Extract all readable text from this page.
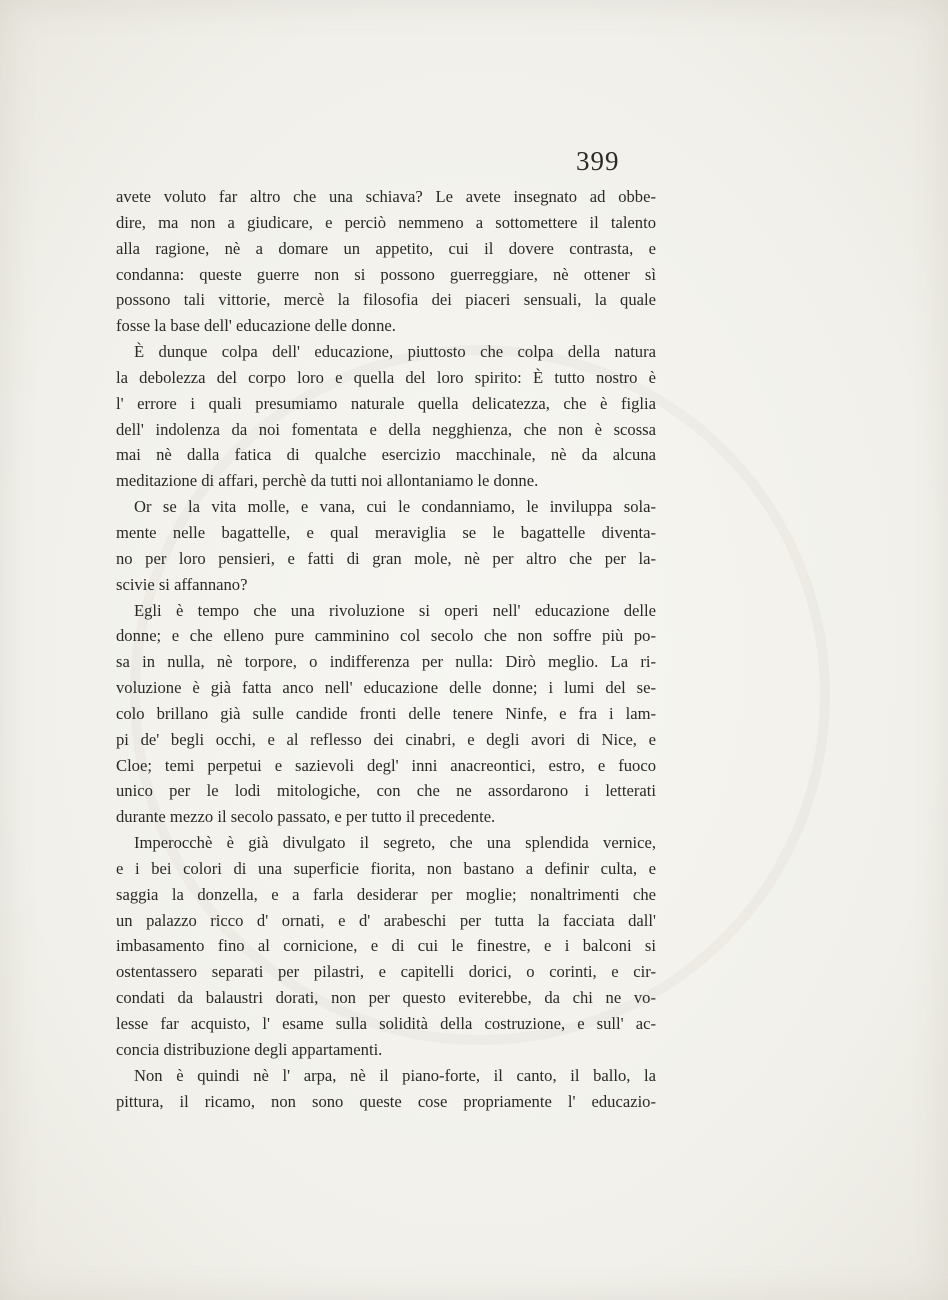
399
avete voluto far altro che una schiava? Le avete insegnato ad obbe-
dire, ma non a giudicare, e perciò nemmeno a sottomettere il talento
alla ragione, nè a domare un appetito, cui il dovere contrasta, e
condanna: queste guerre non si possono guerreggiare, nè ottener sì
possono tali vittorie, mercè la filosofia dei piaceri sensuali, la quale
fosse la base dell' educazione delle donne.
È dunque colpa dell' educazione, piuttosto che colpa della natura
la debolezza del corpo loro e quella del loro spirito: È tutto nostro è
l' errore i quali presumiamo naturale quella delicatezza, che è figlia
dell' indolenza da noi fomentata e della negghienza, che non è scossa
mai nè dalla fatica di qualche esercizio macchinale, nè da alcuna
meditazione di affari, perchè da tutti noi allontaniamo le donne.
Or se la vita molle, e vana, cui le condanniamo, le inviluppa sola-
mente nelle bagattelle, e qual meraviglia se le bagattelle diventa-
no per loro pensieri, e fatti di gran mole, nè per altro che per la-
scivie si affannano?
Egli è tempo che una rivoluzione si operi nell' educazione delle
donne; e che elleno pure camminino col secolo che non soffre più po-
sa in nulla, nè torpore, o indifferenza per nulla: Dirò meglio. La ri-
voluzione è già fatta anco nell' educazione delle donne; i lumi del se-
colo brillano già sulle candide fronti delle tenere Ninfe, e fra i lam-
pi de' begli occhi, e al reflesso dei cinabri, e degli avori di Nice, e
Cloe; temi perpetui e sazievoli degl' inni anacreontici, estro, e fuoco
unico per le lodi mitologiche, con che ne assordarono i letterati
durante mezzo il secolo passato, e per tutto il precedente.
Imperocchè è già divulgato il segreto, che una splendida vernice,
e i bei colori di una superficie fiorita, non bastano a definir culta, e
saggia la donzella, e a farla desiderar per moglie; nonaltrimenti che
un palazzo ricco d' ornati, e d' arabeschi per tutta la facciata dall'
imbasamento fino al cornicione, e di cui le finestre, e i balconi si
ostentassero separati per pilastri, e capitelli dorici, o corinti, e cir-
condati da balaustri dorati, non per questo eviterebbe, da chi ne vo-
lesse far acquisto, l' esame sulla solidità della costruzione, e sull' ac-
concia distribuzione degli appartamenti.
Non è quindi nè l' arpa, nè il piano-forte, il canto, il ballo, la
pittura, il ricamo, non sono queste cose propriamente l' educazio-
